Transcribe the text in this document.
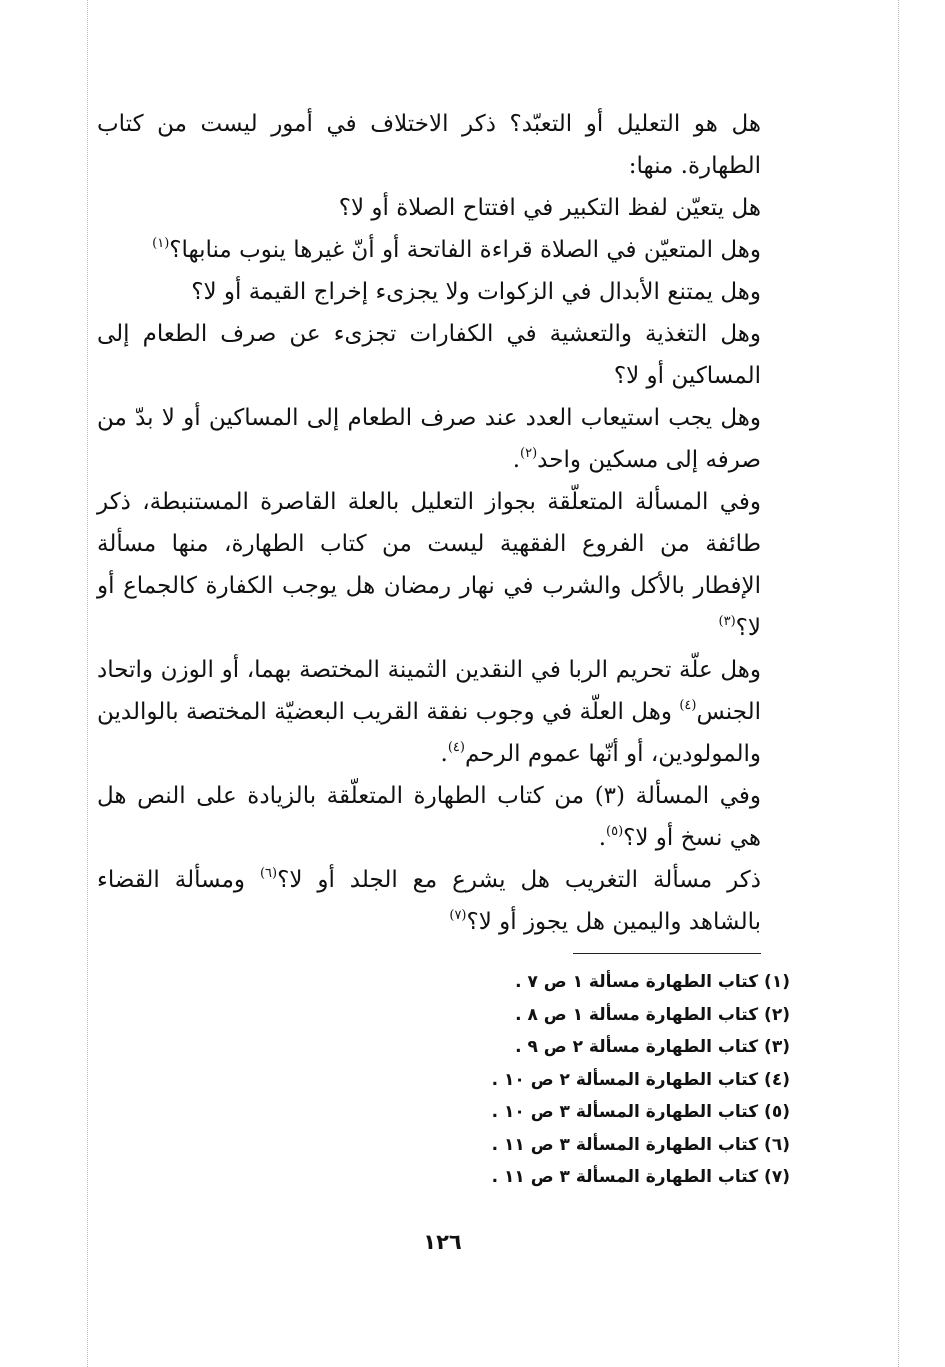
هل هو التعليل أو التعبّد؟ ذكر الاختلاف في أمور ليست من كتاب الطهارة. منها:

هل يتعيّن لفظ التكبير في افتتاح الصلاة أو لا؟

وهل المتعيّن في الصلاة قراءة الفاتحة أو أنّ غيرها ينوب منابها؟$^{(١)}$

وهل يمتنع الأبدال في الزكوات ولا يجزىء إخراج القيمة أو لا؟

وهل التغذية والتعشية في الكفارات تجزىء عن صرف الطعام إلى المساكين أو لا؟

وهل يجب استيعاب العدد عند صرف الطعام إلى المساكين أو لا بدّ من صرفه إلى مسكين واحد$^{(٢)}$.

وفي المسألة المتعلّقة بجواز التعليل بالعلة القاصرة المستنبطة، ذكر طائفة من الفروع الفقهية ليست من كتاب الطهارة، منها مسألة الإفطار بالأكل والشرب في نهار رمضان هل يوجب الكفارة كالجماع أو لا؟$^{(٣)}$

وهل علّة تحريم الربا في النقدين الثمينة المختصة بهما، أو الوزن واتحاد الجنس$^{(٤)}$ وهل العلّة في وجوب نفقة القريب البعضيّة المختصة بالوالدين والمولودين، أو أنّها عموم الرحم$^{(٤)}$.

وفي المسألة (٣) من كتاب الطهارة المتعلّقة بالزيادة على النص هل هي نسخ أو لا؟$^{(٥)}$.

ذكر مسألة التغريب هل يشرع مع الجلد أو لا؟$^{(٦)}$ ومسألة القضاء بالشاهد واليمين هل يجوز أو لا؟$^{(٧)}$

(١) كتاب الطهارة مسألة ١ ص ٧ .
(٢) كتاب الطهارة مسألة ١ ص ٨ .
(٣) كتاب الطهارة مسألة ٢ ص ٩ .
(٤) كتاب الطهارة المسألة ٢ ص ١٠ .
(٥) كتاب الطهارة المسألة ٣ ص ١٠ .
(٦) كتاب الطهارة المسألة ٣ ص ١١ .
(٧) كتاب الطهارة المسألة ٣ ص ١١ .
١٢٦
